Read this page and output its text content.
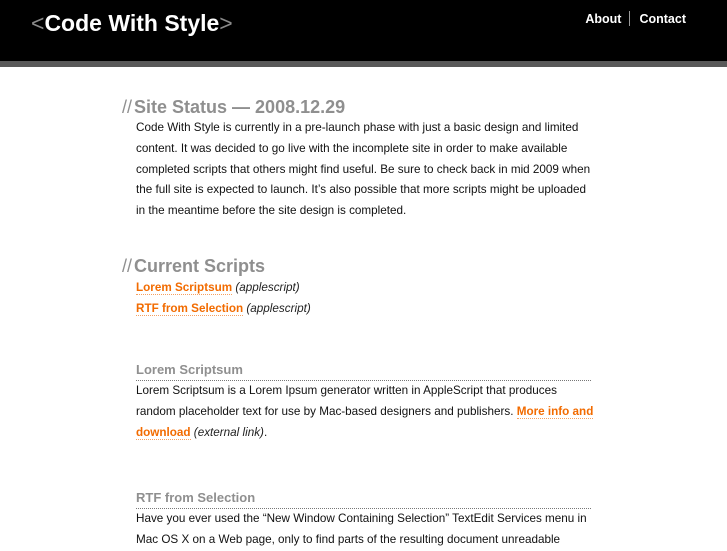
<Code With Style>	About Contact
// Site Status — 2008.12.29

Code With Style is currently in a pre-launch phase with just a basic design and limited content. It was decided to go live with the incomplete site in order to make available completed scripts that others might find useful. Be sure to check back in mid 2009 when the full site is expected to launch. It’s also possible that more scripts might be uploaded in the meantime before the site design is completed.

// Current Scripts
Lorem Scriptsum (applescript)
RTF from Selection (applescript)
Lorem Scriptsum

Lorem Scriptsum is a Lorem Ipsum generator written in AppleScript that produces random placeholder text for use by Mac-based designers and publishers. More info and download (external link).

RTF from Selection

Have you ever used the “New Window Containing Selection” TextEdit Services menu in Mac OS X on a Web page, only to find parts of the resulting document unreadable
